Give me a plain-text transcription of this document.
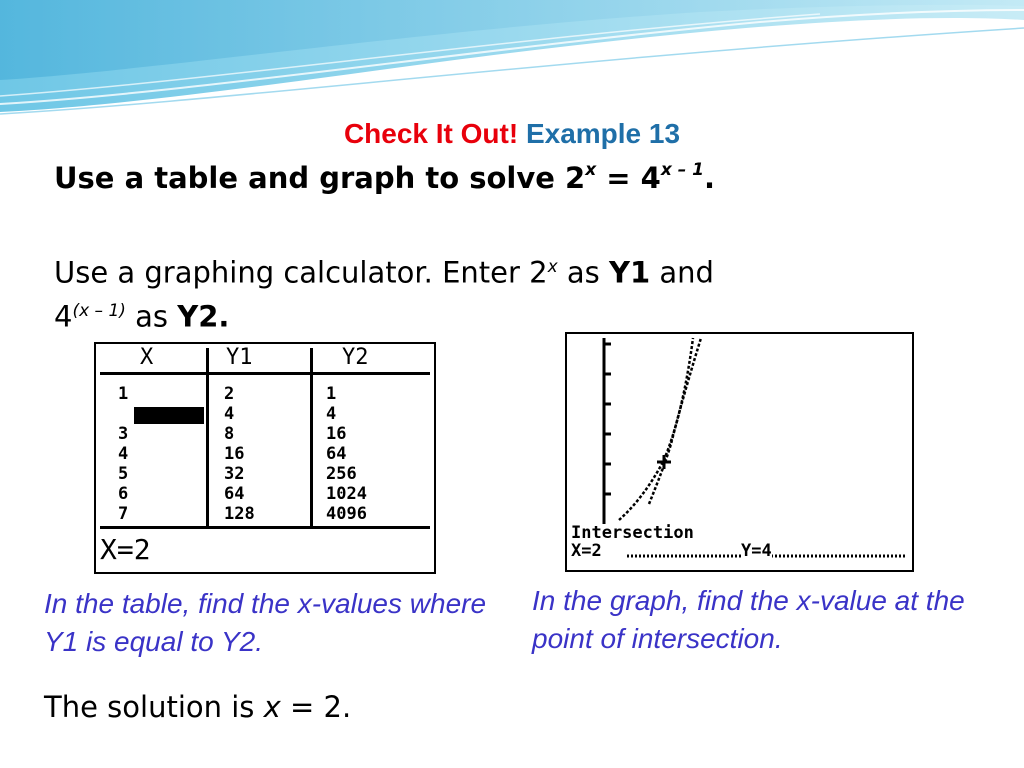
Check It Out! Example 13
Use a table and graph to solve $2^x = 4^{x - 1}$.
Use a graphing calculator. Enter 2$^x$ as Y1 and
4$^{(x - 1)}$ as Y2.
X	Y1	Y2
1	2	1
2	4	4
3	8	16
4	16	64
5	32	256
6	64	1024
7	128	4096
X=2	Intersection
X=2	Y=4
In the table, find the x-values where Y1 is equal to Y2.
In the graph, find the x-value at the point of intersection.
The solution is x = 2.
